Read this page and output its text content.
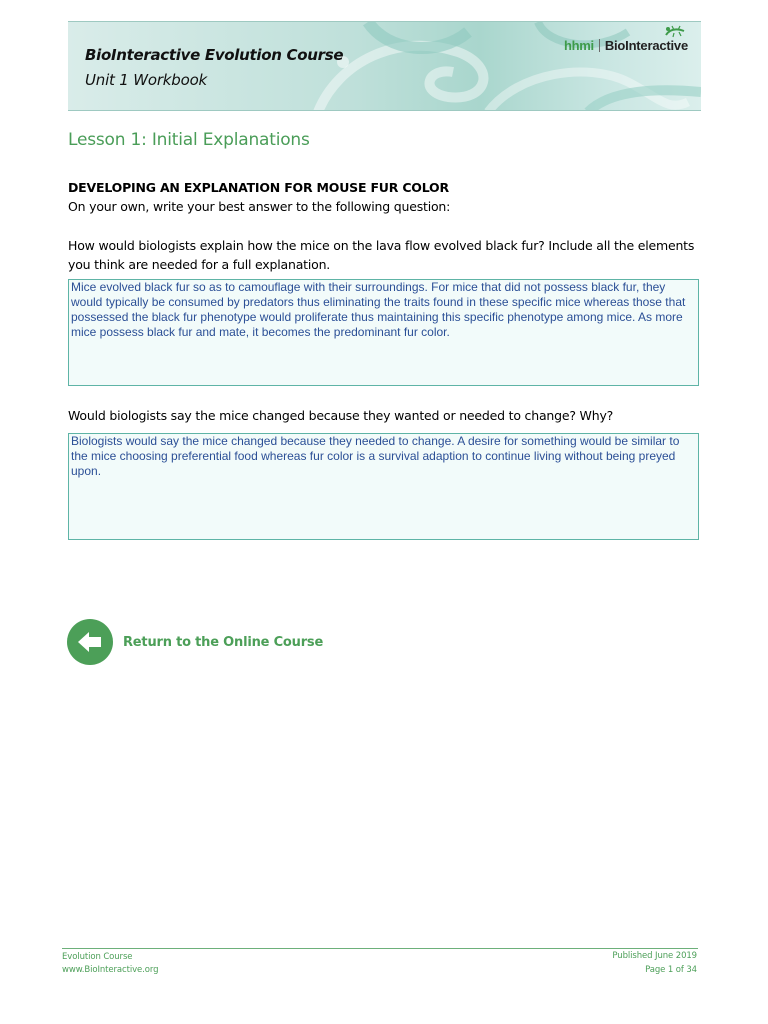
BioInteractive Evolution Course
Unit 1 Workbook
hhmi BioInteractive
Lesson 1: Initial Explanations
DEVELOPING AN EXPLANATION FOR MOUSE FUR COLOR
On your own, write your best answer to the following question:
How would biologists explain how the mice on the lava flow evolved black fur? Include all the elements you think are needed for a full explanation.
Mice evolved black fur so as to camouflage with their surroundings. For mice that did not possess black fur, they would typically be consumed by predators thus eliminating the traits found in these specific mice whereas those that possessed the black fur phenotype would proliferate thus maintaining this specific phenotype among mice. As more mice possess black fur and mate, it becomes the predominant fur color.
Would biologists say the mice changed because they wanted or needed to change? Why?
Biologists would say the mice changed because they needed to change. A desire for something would be similar to the mice choosing preferential food whereas fur color is a survival adaption to continue living without being preyed upon.
Return to the Online Course
Evolution Course
www.BioInteractive.org
Published June 2019
Page 1 of 34
